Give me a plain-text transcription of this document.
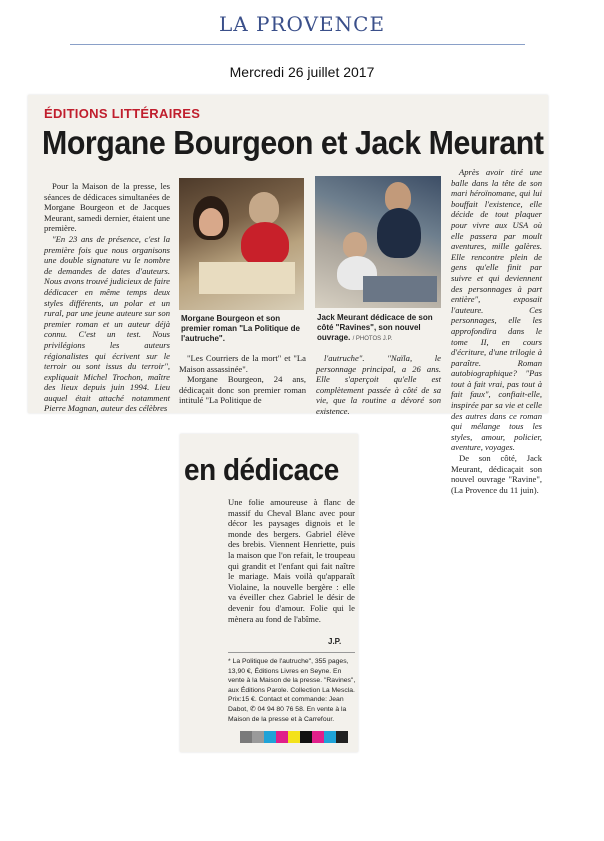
LA PROVENCE
Mercredi 26 juillet 2017
ÉDITIONS LITTÉRAIRES
Morgane Bourgeon et Jack Meurant

Pour la Maison de la presse, les séances de dédicaces simultanées de Morgane Bourgeon et de Jacques Meurant, samedi dernier, étaient une première.

"En 23 ans de présence, c'est la première fois que nous organisons une double signature vu le nombre de demandes de dates d'auteurs. Nous avons trouvé judicieux de faire dédicacer en même temps deux styles différents, un polar et un rural, par une jeune auteure sur son premier roman et un auteur déjà connu. C'est un test. Nous privilégions les auteurs régionalistes qui écrivent sur le terroir ou sont issus du terroir", expliquait Michel Trochon, maître des lieux depuis juin 1994. Lieu auquel était attaché notamment Pierre Magnan, auteur des célèbres

Morgane Bourgeon et son premier roman "La Politique de l'autruche".
Jack Meurant dédicace de son côté "Ravines", son nouvel ouvrage. / PHOTOS J.P.

"Les Courriers de la mort" et "La Maison assassinée".

Morgane Bourgeon, 24 ans, dédicaçait donc son premier roman intitulé "La Politique de

l'autruche". "Naïla, le personnage principal, a 26 ans. Elle s'aperçoit qu'elle est complètement passée à côté de sa vie, que la routine a dévoré son existence.

Après avoir tiré une balle dans la tête de son mari héroïnomane, qui lui bouffait l'existence, elle décide de tout plaquer pour vivre aux USA où elle passera par moult aventures, mille galères. Elle rencontre plein de gens qu'elle finit par suivre et qui deviennent des personnages à part entière", exposait l'auteure. Ces personnages, elle les approfondira dans le tome II, en cours d'écriture, d'une trilogie à paraître. Roman autobiographique? "Pas tout à fait vrai, pas tout à fait faux", confiait-elle, inspirée par sa vie et celle des autres dans ce roman qui mélange tous les styles, amour, policier, aventure, voyages.

De son côté, Jack Meurant, dédicaçait son nouvel ouvrage "Ravine", (La Provence du 11 juin).

en dédicace

Une folie amoureuse à flanc de massif du Cheval Blanc avec pour décor les paysages dignois et le monde des bergers. Gabriel élève des brebis. Viennent Henriette, puis la maison que l'on refait, le troupeau qui grandit et l'enfant qui fait naître le mariage. Mais voilà qu'apparaît Violaine, la nouvelle bergère : elle va éveiller chez Gabriel le désir de devenir fou d'amour. Folie qui le mènera au fond de l'abîme.

J.P.
* La Politique de l'autruche", 355 pages, 13,90 €, Éditions Livres en Seyne. En vente à la Maison de la presse. "Ravines", aux Éditions Parole. Collection La Mescla. Prix:15 €. Contact et commande: Jean Dabot, ✆ 04 94 80 76 58. En vente à la Maison de la presse et à Carrefour.
